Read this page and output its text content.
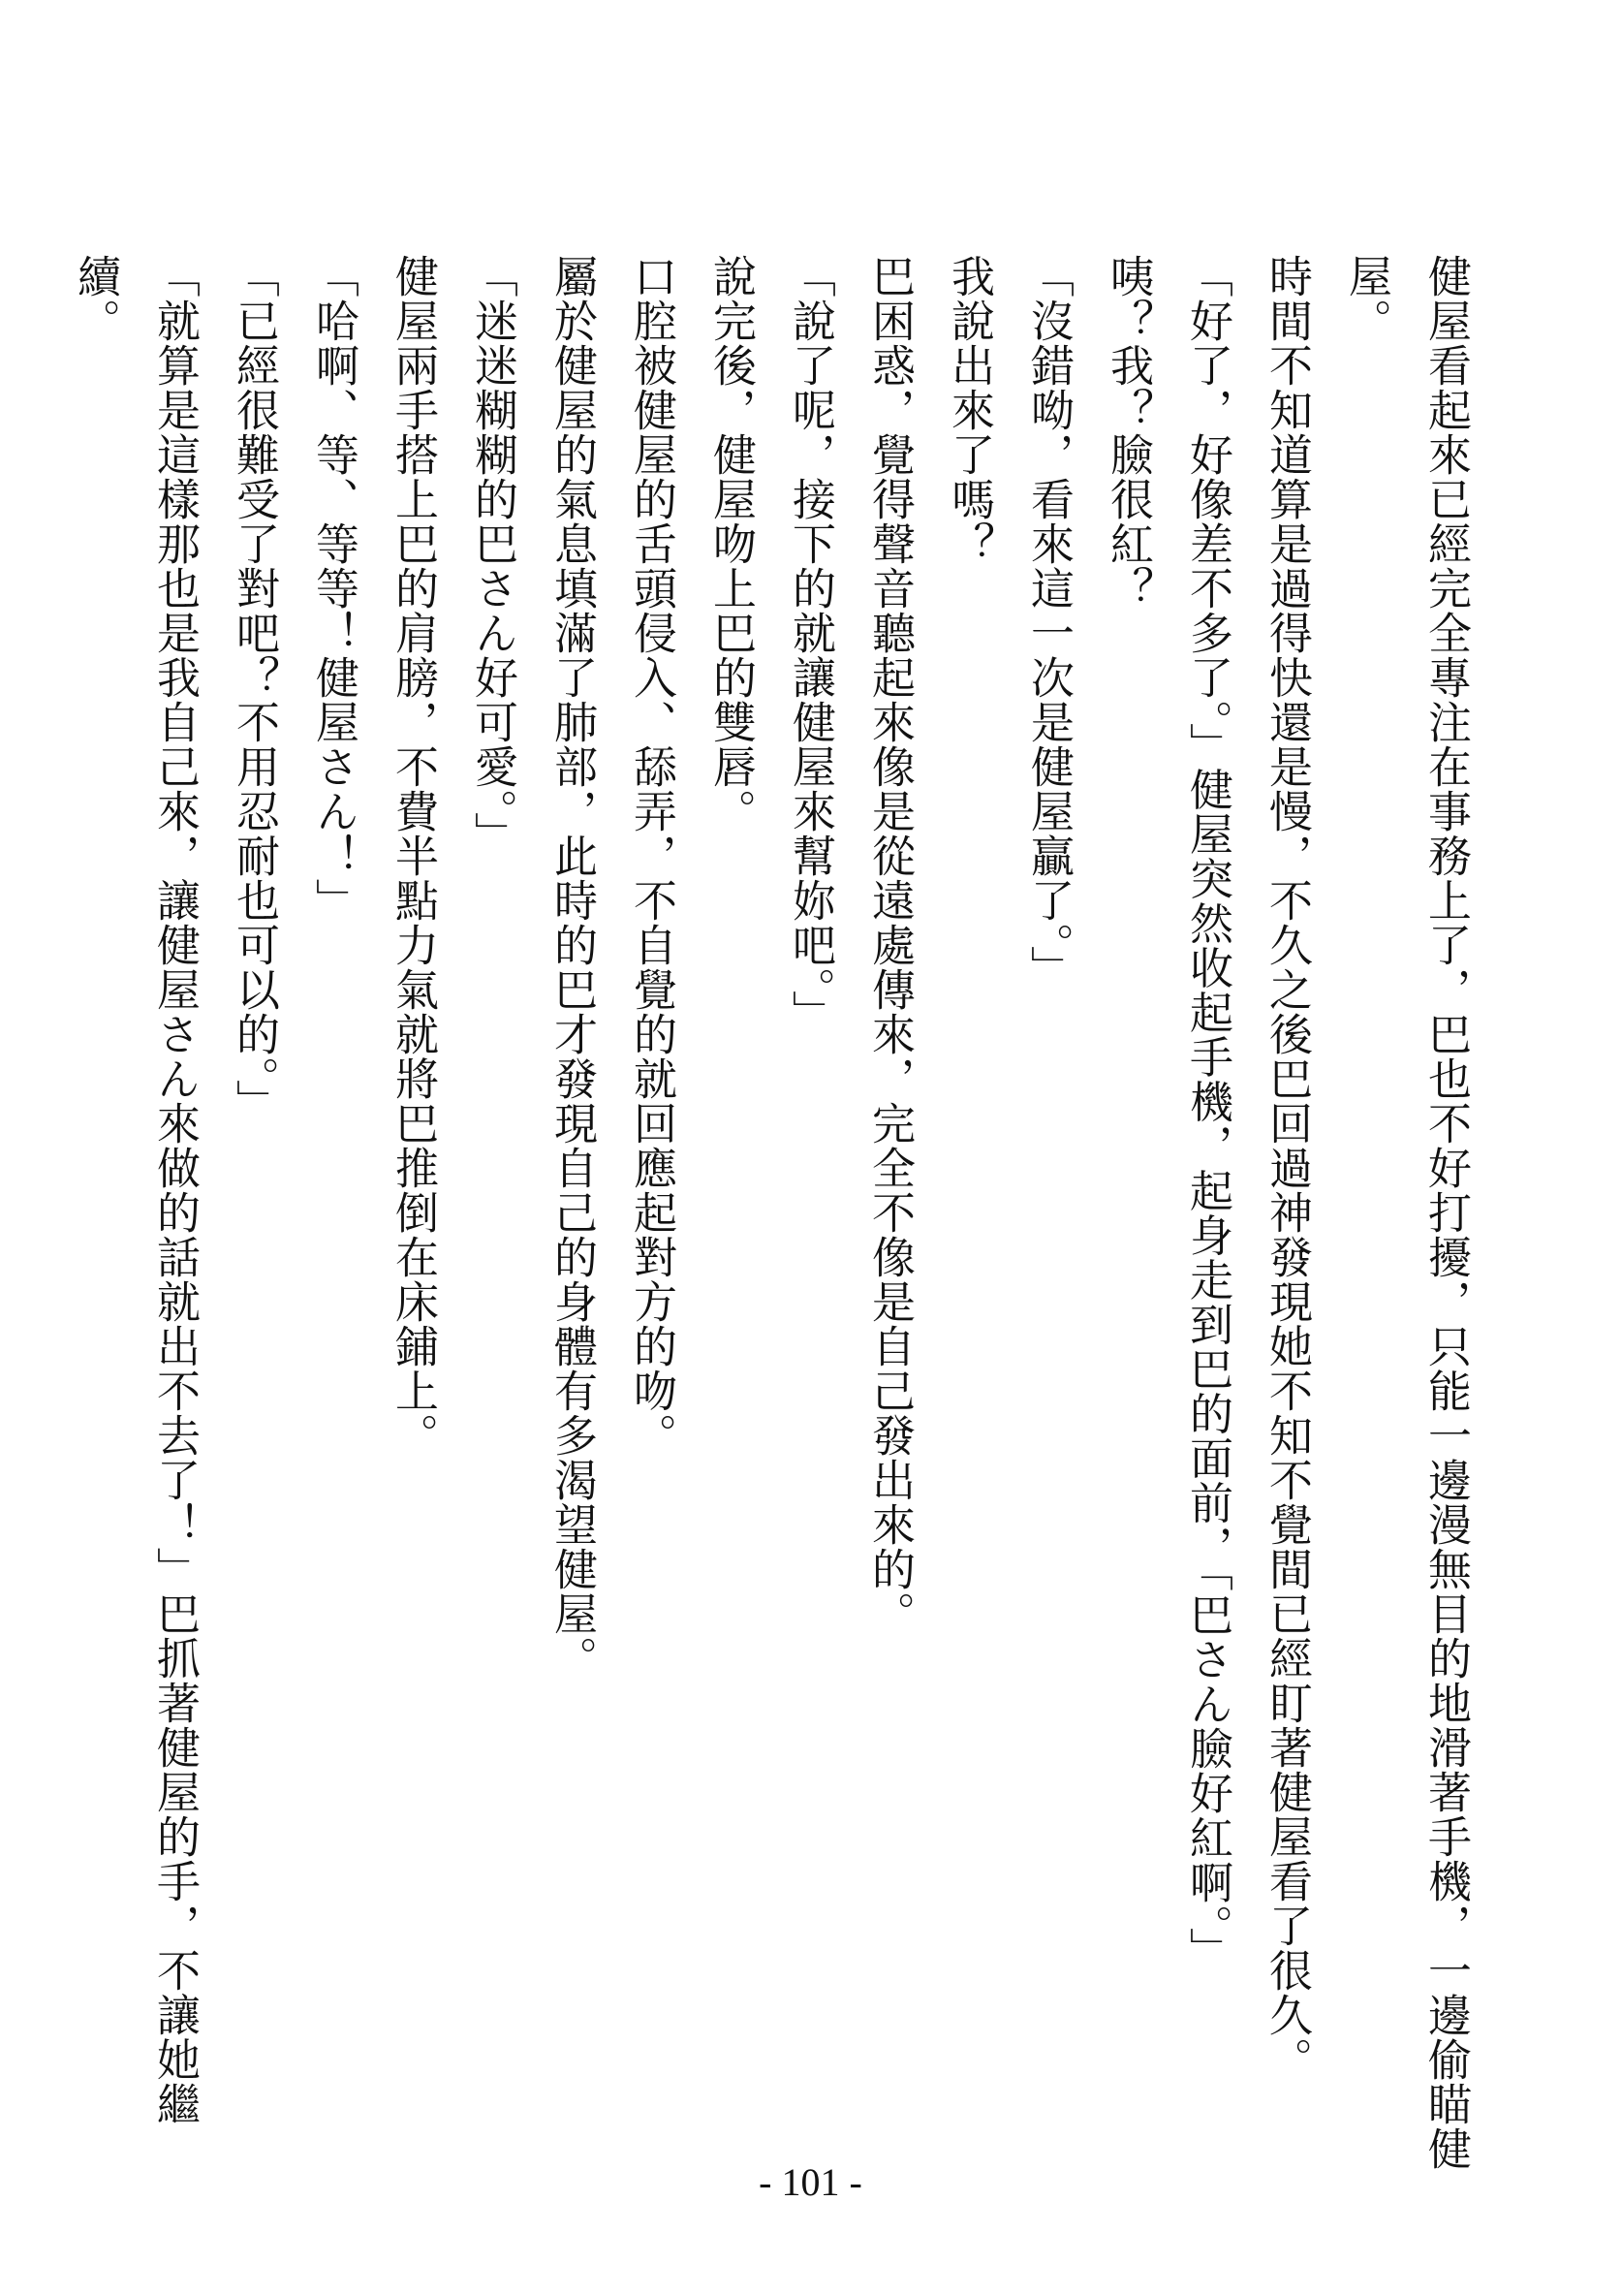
健屋看起來已經完全專注在事務上了，巴也不好打擾，只能一邊漫無目的地滑著手機，一邊偷瞄健屋。

時間不知道算是過得快還是慢，不久之後巴回過神發現她不知不覺間已經盯著健屋看了很久。

「好了，好像差不多了。」健屋突然收起手機，起身走到巴的面前，「巴さん臉好紅啊。」

咦？我？臉很紅？

「沒錯呦，看來這一次是健屋贏了。」

我說出來了嗎？

巴困惑，覺得聲音聽起來像是從遠處傳來，完全不像是自己發出來的。

「說了呢，接下的就讓健屋來幫妳吧。」

說完後，健屋吻上巴的雙唇。

口腔被健屋的舌頭侵入、舔弄，不自覺的就回應起對方的吻。

屬於健屋的氣息填滿了肺部，此時的巴才發現自己的身體有多渴望健屋。

「迷迷糊糊的巴さん好可愛。」

健屋兩手搭上巴的肩膀，不費半點力氣就將巴推倒在床鋪上。

「哈啊、等、等等！健屋さん！」

「已經很難受了對吧？不用忍耐也可以的。」

「就算是這樣那也是我自己來，讓健屋さん來做的話就出不去了！」巴抓著健屋的手，不讓她繼續。

- 101 -
